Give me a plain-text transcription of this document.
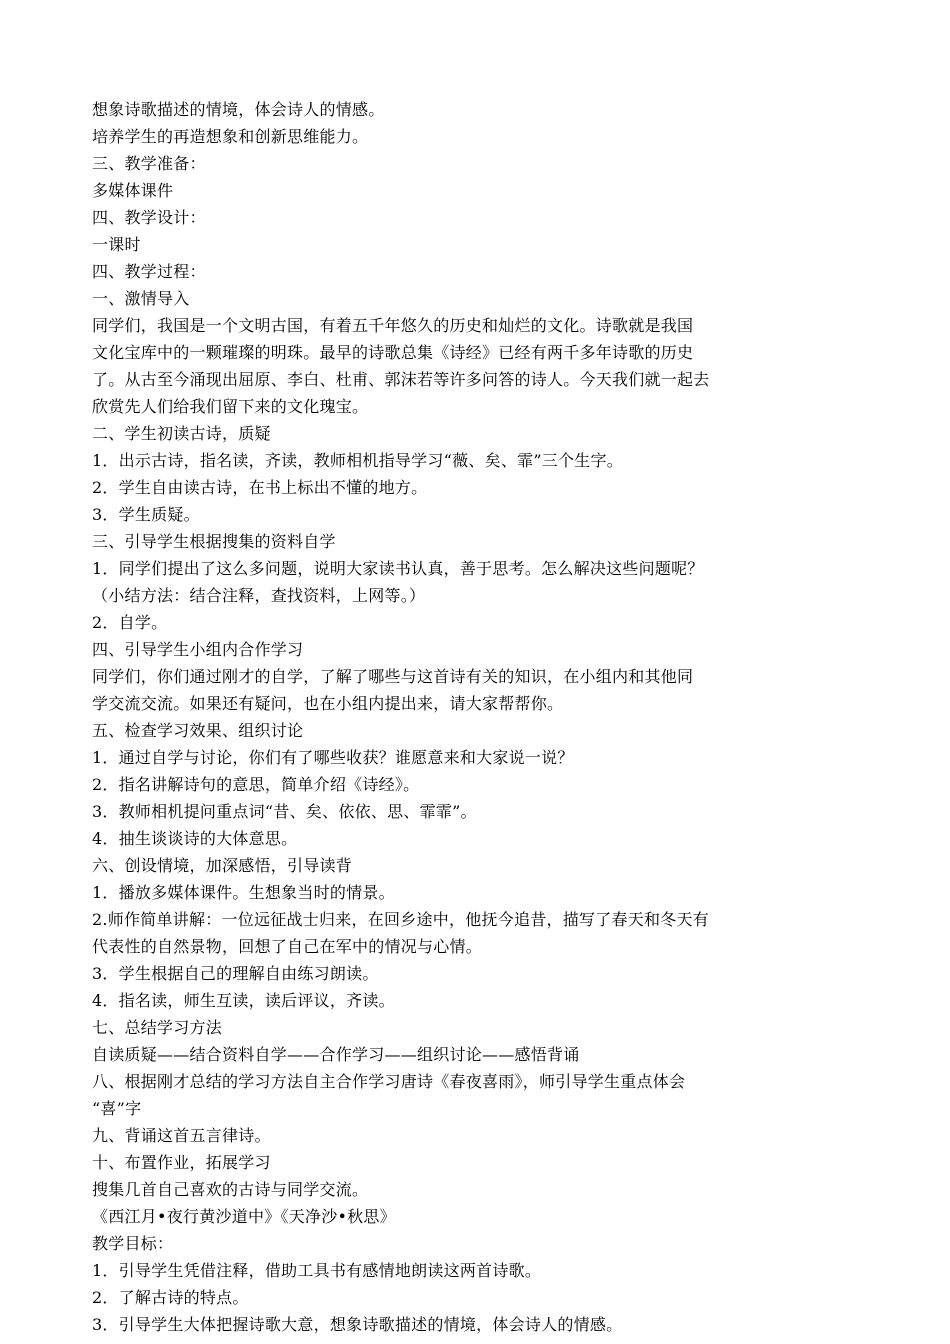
想象诗歌描述的情境，体会诗人的情感。
培养学生的再造想象和创新思维能力。
三、教学准备：
多媒体课件
四、教学设计：
一课时
四、教学过程：
一、激情导入
同学们，我国是一个文明古国，有着五千年悠久的历史和灿烂的文化。诗歌就是我国
文化宝库中的一颗璀璨的明珠。最早的诗歌总集《诗经》已经有两千多年诗歌的历史
了。从古至今涌现出屈原、李白、杜甫、郭沫若等许多问答的诗人。今天我们就一起去
欣赏先人们给我们留下来的文化瑰宝。
二、学生初读古诗，质疑
1．出示古诗，指名读，齐读，教师相机指导学习“薇、矣、霏”三个生字。
2．学生自由读古诗，在书上标出不懂的地方。
3．学生质疑。
三、引导学生根据搜集的资料自学
1．同学们提出了这么多问题，说明大家读书认真，善于思考。怎么解决这些问题呢？
（小结方法：结合注释，查找资料，上网等。）
2．自学。
四、引导学生小组内合作学习
同学们，你们通过刚才的自学，了解了哪些与这首诗有关的知识，在小组内和其他同
学交流交流。如果还有疑问，也在小组内提出来，请大家帮帮你。
五、检查学习效果、组织讨论
1．通过自学与讨论，你们有了哪些收获？谁愿意来和大家说一说？
2．指名讲解诗句的意思，简单介绍《诗经》。
3．教师相机提问重点词“昔、矣、依依、思、霏霏”。
4．抽生谈谈诗的大体意思。
六、创设情境，加深感悟，引导读背
1．播放多媒体课件。生想象当时的情景。
2.师作简单讲解：一位远征战士归来，在回乡途中，他抚今追昔，描写了春天和冬天有
代表性的自然景物，回想了自己在军中的情况与心情。
3．学生根据自己的理解自由练习朗读。
4．指名读，师生互读，读后评议，齐读。
七、总结学习方法
自读质疑——结合资料自学——合作学习——组织讨论——感悟背诵
八、根据刚才总结的学习方法自主合作学习唐诗《春夜喜雨》，师引导学生重点体会
“喜”字
九、背诵这首五言律诗。
十、布置作业，拓展学习
搜集几首自己喜欢的古诗与同学交流。
《西江月•夜行黄沙道中》《天净沙•秋思》
教学目标：
1．引导学生凭借注释，借助工具书有感情地朗读这两首诗歌。
2．了解古诗的特点。
3．引导学生大体把握诗歌大意，想象诗歌描述的情境，体会诗人的情感。
